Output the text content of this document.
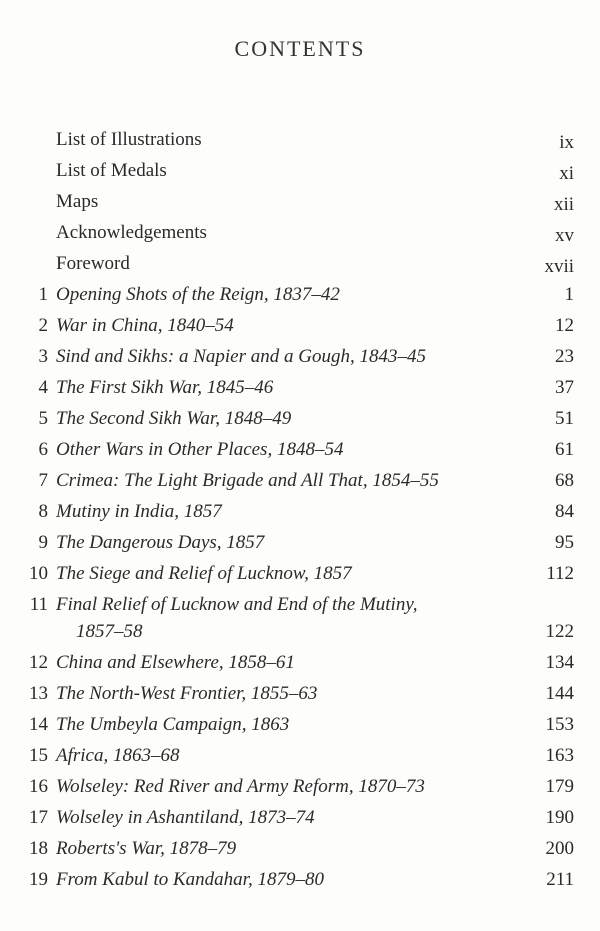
CONTENTS
List of Illustrations	ix
List of Medals	xi
Maps	xii
Acknowledgements	xv
Foreword	xvii
1 Opening Shots of the Reign, 1837–42	1
2 War in China, 1840–54	12
3 Sind and Sikhs: a Napier and a Gough, 1843–45	23
4 The First Sikh War, 1845–46	37
5 The Second Sikh War, 1848–49	51
6 Other Wars in Other Places, 1848–54	61
7 Crimea: The Light Brigade and All That, 1854–55	68
8 Mutiny in India, 1857	84
9 The Dangerous Days, 1857	95
10 The Siege and Relief of Lucknow, 1857	112
11 Final Relief of Lucknow and End of the Mutiny,
1857–58	122
12 China and Elsewhere, 1858–61	134
13 The North-West Frontier, 1855–63	144
14 The Umbeyla Campaign, 1863	153
15 Africa, 1863–68	163
16 Wolseley: Red River and Army Reform, 1870–73	179
17 Wolseley in Ashantiland, 1873–74	190
18 Roberts's War, 1878–79	200
19 From Kabul to Kandahar, 1879–80	211
